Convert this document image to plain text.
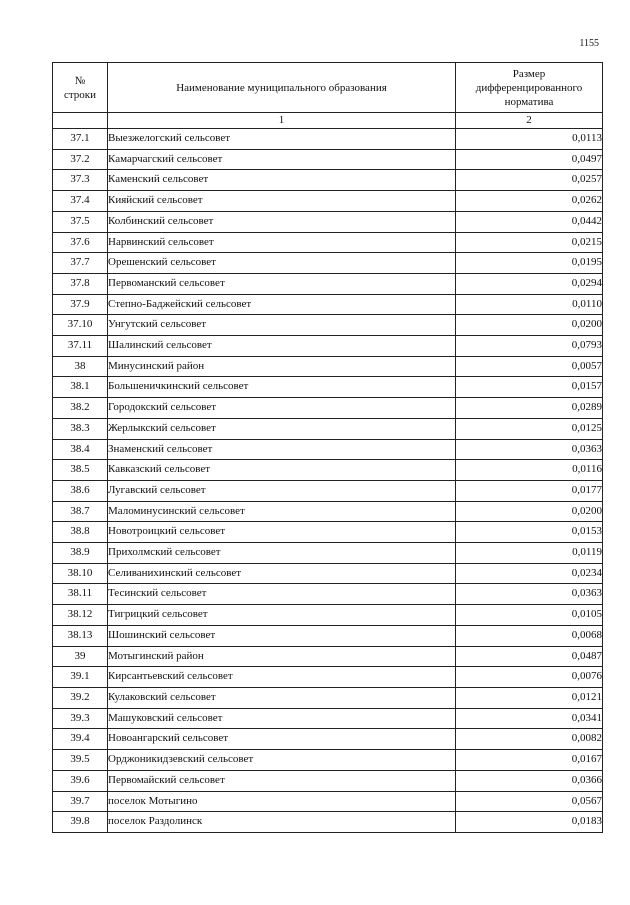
1155
№ строки	Наименование муниципального образования	Размер дифференцированного норматива
	1	2
37.1	Выезжелогский сельсовет	0,0113
37.2	Камарчагский сельсовет	0,0497
37.3	Каменский сельсовет	0,0257
37.4	Кияйский сельсовет	0,0262
37.5	Колбинский сельсовет	0,0442
37.6	Нарвинский сельсовет	0,0215
37.7	Орешенский сельсовет	0,0195
37.8	Первоманский сельсовет	0,0294
37.9	Степно-Баджейский сельсовет	0,0110
37.10	Унгутский сельсовет	0,0200
37.11	Шалинский сельсовет	0,0793
38	Минусинский район	0,0057
38.1	Большеничкинский сельсовет	0,0157
38.2	Городокский сельсовет	0,0289
38.3	Жерлыкский сельсовет	0,0125
38.4	Знаменский сельсовет	0,0363
38.5	Кавказский сельсовет	0,0116
38.6	Лугавский сельсовет	0,0177
38.7	Маломинусинский сельсовет	0,0200
38.8	Новотроицкий сельсовет	0,0153
38.9	Прихолмский сельсовет	0,0119
38.10	Селиванихинский сельсовет	0,0234
38.11	Тесинский сельсовет	0,0363
38.12	Тигрицкий сельсовет	0,0105
38.13	Шошинский сельсовет	0,0068
39	Мотыгинский район	0,0487
39.1	Кирсантьевский сельсовет	0,0076
39.2	Кулаковский сельсовет	0,0121
39.3	Машуковский сельсовет	0,0341
39.4	Новоангарский сельсовет	0,0082
39.5	Орджоникидзевский сельсовет	0,0167
39.6	Первомайский сельсовет	0,0366
39.7	поселок Мотыгино	0,0567
39.8	поселок Раздолинск	0,0183
